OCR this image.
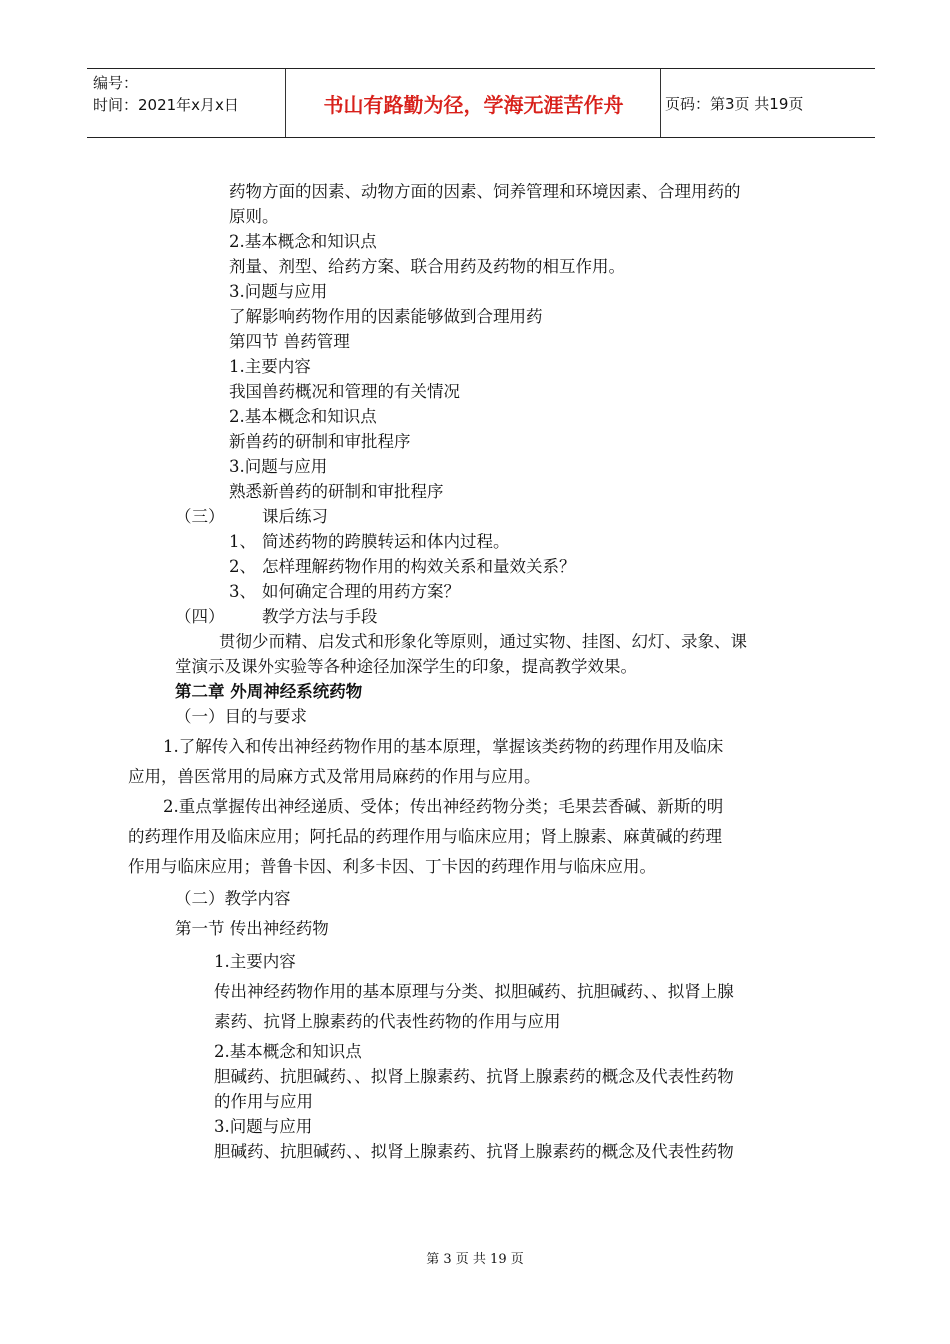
编号：
时间：2021年x月x日	书山有路勤为径，学海无涯苦作舟	页码：第3页 共19页
药物方面的因素、动物方面的因素、饲养管理和环境因素、合理用药的
原则。
2.基本概念和知识点
剂量、剂型、给药方案、联合用药及药物的相互作用。
3.问题与应用
了解影响药物作用的因素能够做到合理用药
第四节 兽药管理
1.主要内容
我国兽药概况和管理的有关情况
2.基本概念和知识点
新兽药的研制和审批程序
3.问题与应用
熟悉新兽药的研制和审批程序
（三） 课后练习
1、 简述药物的跨膜转运和体内过程。
2、 怎样理解药物作用的构效关系和量效关系？
3、 如何确定合理的用药方案？
（四） 教学方法与手段
贯彻少而精、启发式和形象化等原则，通过实物、挂图、幻灯、录象、课
堂演示及课外实验等各种途径加深学生的印象，提高教学效果。
第二章 外周神经系统药物
（一）目的与要求
1.了解传入和传出神经药物作用的基本原理，掌握该类药物的药理作用及临床
应用，兽医常用的局麻方式及常用局麻药的作用与应用。
2.重点掌握传出神经递质、受体；传出神经药物分类；毛果芸香碱、新斯的明
的药理作用及临床应用；阿托品的药理作用与临床应用；肾上腺素、麻黄碱的药理
作用与临床应用；普鲁卡因、利多卡因、丁卡因的药理作用与临床应用。
（二）教学内容
第一节 传出神经药物
1.主要内容
传出神经药物作用的基本原理与分类、拟胆碱药、抗胆碱药、、拟肾上腺
素药、抗肾上腺素药的代表性药物的作用与应用
2.基本概念和知识点
胆碱药、抗胆碱药、、拟肾上腺素药、抗肾上腺素药的概念及代表性药物
的作用与应用
3.问题与应用
胆碱药、抗胆碱药、、拟肾上腺素药、抗肾上腺素药的概念及代表性药物
第 3 页 共 19 页
